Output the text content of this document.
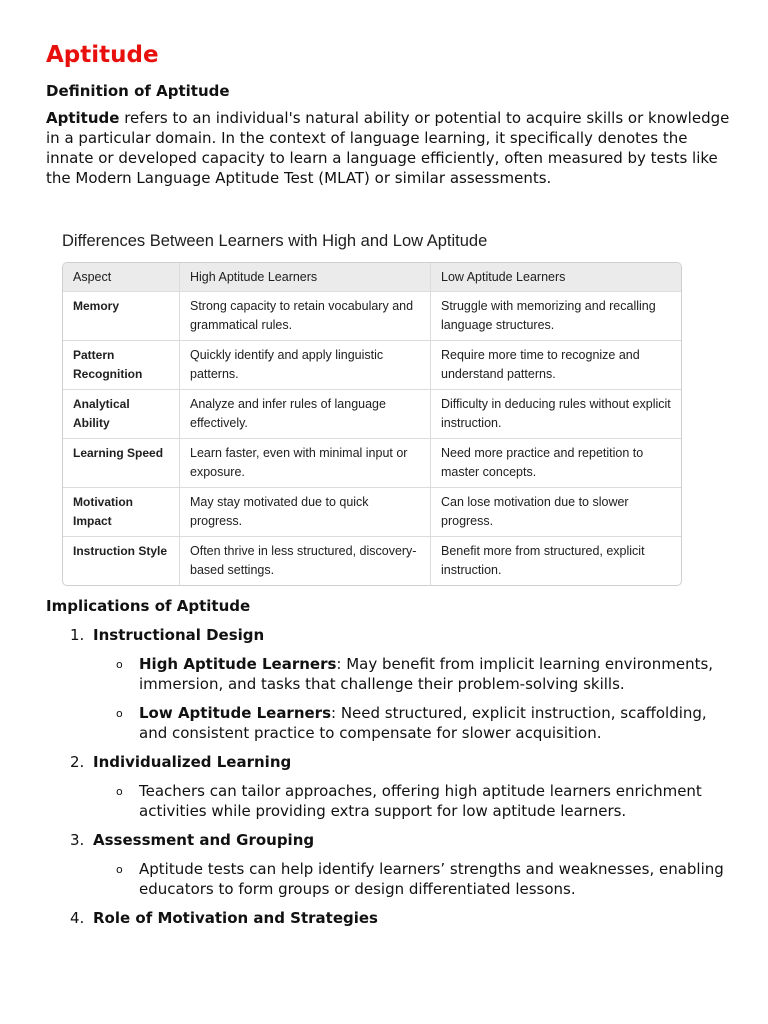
Aptitude
Definition of Aptitude

Aptitude refers to an individual's natural ability or potential to acquire skills or knowledge in a particular domain. In the context of language learning, it specifically denotes the innate or developed capacity to learn a language efficiently, often measured by tests like the Modern Language Aptitude Test (MLAT) or similar assessments.

Differences Between Learners with High and Low Aptitude
Aspect	High Aptitude Learners	Low Aptitude Learners
Memory	Strong capacity to retain vocabulary and grammatical rules.	Struggle with memorizing and recalling language structures.
Pattern Recognition	Quickly identify and apply linguistic patterns.	Require more time to recognize and understand patterns.
Analytical Ability	Analyze and infer rules of language effectively.	Difficulty in deducing rules without explicit instruction.
Learning Speed	Learn faster, even with minimal input or exposure.	Need more practice and repetition to master concepts.
Motivation Impact	May stay motivated due to quick progress.	Can lose motivation due to slower progress.
Instruction Style	Often thrive in less structured, discovery-based settings.	Benefit more from structured, explicit instruction.
Implications of Aptitude
1. Instructional Design
o High Aptitude Learners: May benefit from implicit learning environments, immersion, and tasks that challenge their problem-solving skills.
o Low Aptitude Learners: Need structured, explicit instruction, scaffolding, and consistent practice to compensate for slower acquisition.
2. Individualized Learning
o Teachers can tailor approaches, offering high aptitude learners enrichment activities while providing extra support for low aptitude learners.
3. Assessment and Grouping
o Aptitude tests can help identify learners’ strengths and weaknesses, enabling educators to form groups or design differentiated lessons.
4. Role of Motivation and Strategies
